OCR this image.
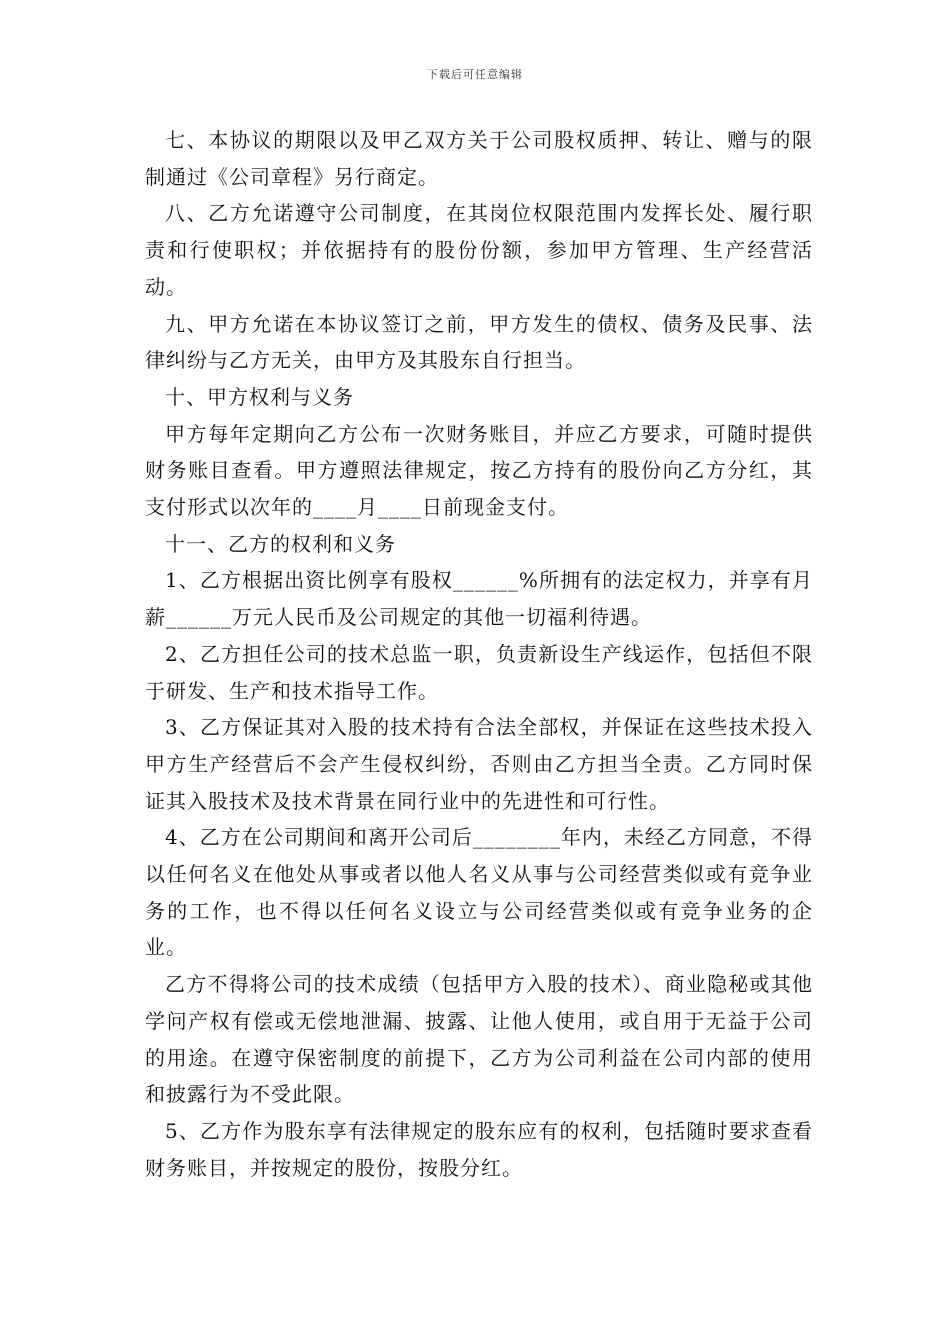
下载后可任意编辑

七、本协议的期限以及甲乙双方关于公司股权质押、转让、赠与的限制通过《公司章程》另行商定。

八、乙方允诺遵守公司制度，在其岗位权限范围内发挥长处、履行职责和行使职权；并依据持有的股份份额，参加甲方管理、生产经营活动。

九、甲方允诺在本协议签订之前，甲方发生的债权、债务及民事、法律纠纷与乙方无关，由甲方及其股东自行担当。

十、甲方权利与义务

甲方每年定期向乙方公布一次财务账目，并应乙方要求，可随时提供财务账目查看。甲方遵照法律规定，按乙方持有的股份向乙方分红，其支付形式以次年的____月____日前现金支付。

十一、乙方的权利和义务

1、乙方根据出资比例享有股权______%所拥有的法定权力，并享有月薪______万元人民币及公司规定的其他一切福利待遇。

2、乙方担任公司的技术总监一职，负责新设生产线运作，包括但不限于研发、生产和技术指导工作。

3、乙方保证其对入股的技术持有合法全部权，并保证在这些技术投入甲方生产经营后不会产生侵权纠纷，否则由乙方担当全责。乙方同时保证其入股技术及技术背景在同行业中的先进性和可行性。

4、乙方在公司期间和离开公司后________年内，未经乙方同意，不得以任何名义在他处从事或者以他人名义从事与公司经营类似或有竞争业务的工作，也不得以任何名义设立与公司经营类似或有竞争业务的企业。

乙方不得将公司的技术成绩（包括甲方入股的技术）、商业隐秘或其他学问产权有偿或无偿地泄漏、披露、让他人使用，或自用于无益于公司的用途。在遵守保密制度的前提下，乙方为公司利益在公司内部的使用和披露行为不受此限。

5、乙方作为股东享有法律规定的股东应有的权利，包括随时要求查看财务账目，并按规定的股份，按股分红。
